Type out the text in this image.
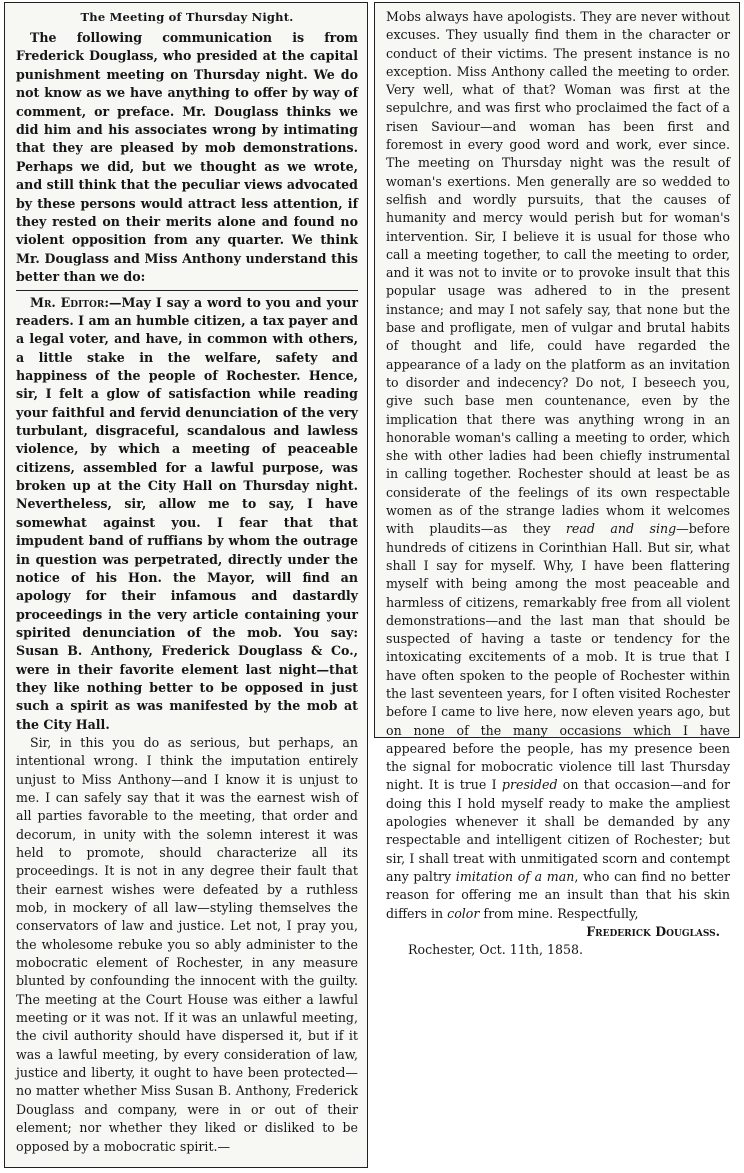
The Meeting of Thursday Night.

The following communication is from Frederick Douglass, who presided at the capital punishment meeting on Thursday night. We do not know as we have anything to offer by way of comment, or preface. Mr. Douglass thinks we did him and his associates wrong by intimating that they are pleased by mob demonstrations. Perhaps we did, but we thought as we wrote, and still think that the peculiar views advocated by these persons would attract less attention, if they rested on their merits alone and found no violent opposition from any quarter. We think Mr. Douglass and Miss Anthony understand this better than we do:

Mr. Editor:—May I say a word to you and your readers. I am an humble citizen, a tax payer and a legal voter, and have, in common with others, a little stake in the welfare, safety and happiness of the people of Rochester. Hence, sir, I felt a glow of satisfaction while reading your faithful and fervid denunciation of the very turbulant, disgraceful, scandalous and lawless violence, by which a meeting of peaceable citizens, assembled for a lawful purpose, was broken up at the City Hall on Thursday night. Nevertheless, sir, allow me to say, I have somewhat against you. I fear that that impudent band of ruffians by whom the outrage in question was perpetrated, directly under the notice of his Hon. the Mayor, will find an apology for their infamous and dastardly proceedings in the very article containing your spirited denunciation of the mob. You say: Susan B. Anthony, Frederick Douglass & Co., were in their favorite element last night—that they like nothing better to be opposed in just such a spirit as was manifested by the mob at the City Hall.

Sir, in this you do as serious, but perhaps, an intentional wrong. I think the imputation entirely unjust to Miss Anthony—and I know it is unjust to me. I can safely say that it was the earnest wish of all parties favorable to the meeting, that order and decorum, in unity with the solemn interest it was held to promote, should characterize all its proceedings. It is not in any degree their fault that their earnest wishes were defeated by a ruthless mob, in mockery of all law—styling themselves the conservators of law and justice. Let not, I pray you, the wholesome rebuke you so ably administer to the mobocratic element of Rochester, in any measure blunted by confounding the innocent with the guilty. The meeting at the Court House was either a lawful meeting or it was not. If it was an unlawful meeting, the civil authority should have dispersed it, but if it was a lawful meeting, by every consideration of law, justice and liberty, it ought to have been protected—no matter whether Miss Susan B. Anthony, Frederick Douglass and company, were in or out of their element; nor whether they liked or disliked to be opposed by a mobocratic spirit.—

Mobs always have apologists. They are never without excuses. They usually find them in the character or conduct of their victims. The present instance is no exception. Miss Anthony called the meeting to order. Very well, what of that? Woman was first at the sepulchre, and was first who proclaimed the fact of a risen Saviour—and woman has been first and foremost in every good word and work, ever since. The meeting on Thursday night was the result of woman's exertions. Men generally are so wedded to selfish and wordly pursuits, that the causes of humanity and mercy would perish but for woman's intervention. Sir, I believe it is usual for those who call a meeting together, to call the meeting to order, and it was not to invite or to provoke insult that this popular usage was adhered to in the present instance; and may I not safely say, that none but the base and profligate, men of vulgar and brutal habits of thought and life, could have regarded the appearance of a lady on the platform as an invitation to disorder and indecency? Do not, I beseech you, give such base men countenance, even by the implication that there was anything wrong in an honorable woman's calling a meeting to order, which she with other ladies had been chiefly instrumental in calling together. Rochester should at least be as considerate of the feelings of its own respectable women as of the strange ladies whom it welcomes with plaudits—as they read and sing—before hundreds of citizens in Corinthian Hall. But sir, what shall I say for myself. Why, I have been flattering myself with being among the most peaceable and harmless of citizens, remarkably free from all violent demonstrations—and the last man that should be suspected of having a taste or tendency for the intoxicating excitements of a mob. It is true that I have often spoken to the people of Rochester within the last seventeen years, for I often visited Rochester before I came to live here, now eleven years ago, but on none of the many occasions which I have appeared before the people, has my presence been the signal for mobocratic violence till last Thursday night. It is true I presided on that occasion—and for doing this I hold myself ready to make the ampliest apologies whenever it shall be demanded by any respectable and intelligent citizen of Rochester; but sir, I shall treat with unmitigated scorn and contempt any paltry imitation of a man, who can find no better reason for offering me an insult than that his skin differs in color from mine. Respectfully,

Frederick Douglass.
Rochester, Oct. 11th, 1858.
